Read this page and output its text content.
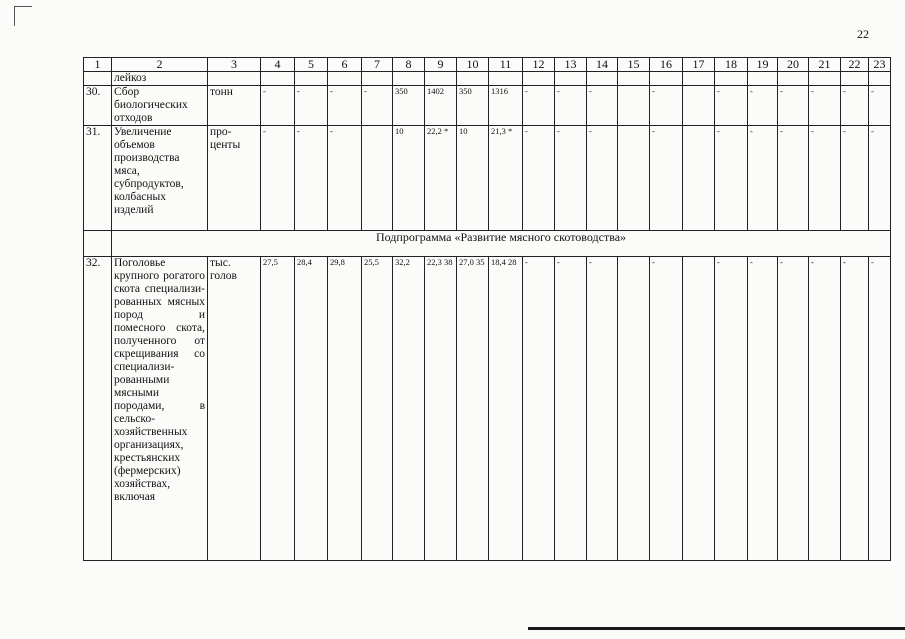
22
1	2	3	4	5	6	7	8	9	10	11	12	13	14	15	16	17	18	19	20	21	22	23
	лейкоз																					
30.	Сбор биологических отходов	тонн	-	-	-	-	350	1402	350	1316	-	-	-		-		-	-	-	-	-	-
31.	Увеличение объемов производства мяса, субпродуктов, колбасных изделий	про-центы	-	-	-		10	22,2 *	10	21,3 *	-	-	-		-		-	-	-	-	-	-
	Подпрограмма «Развитие мясного скотоводства»																					
32.	Поголовье крупного рогатого скота специализи-рованных мясных пород и помесного скота, полученного от скрещивания со специализи-рованными мясными породами, в сельско-хозяйственных организациях, крестьянских (фермерских) хозяйствах, включая	тыс. голов	27,5	28,4	29,8	25,5	32,2	22,3 38	27,0 35	18,4 28	-	-	-		-		-	-	-	-	-	-
